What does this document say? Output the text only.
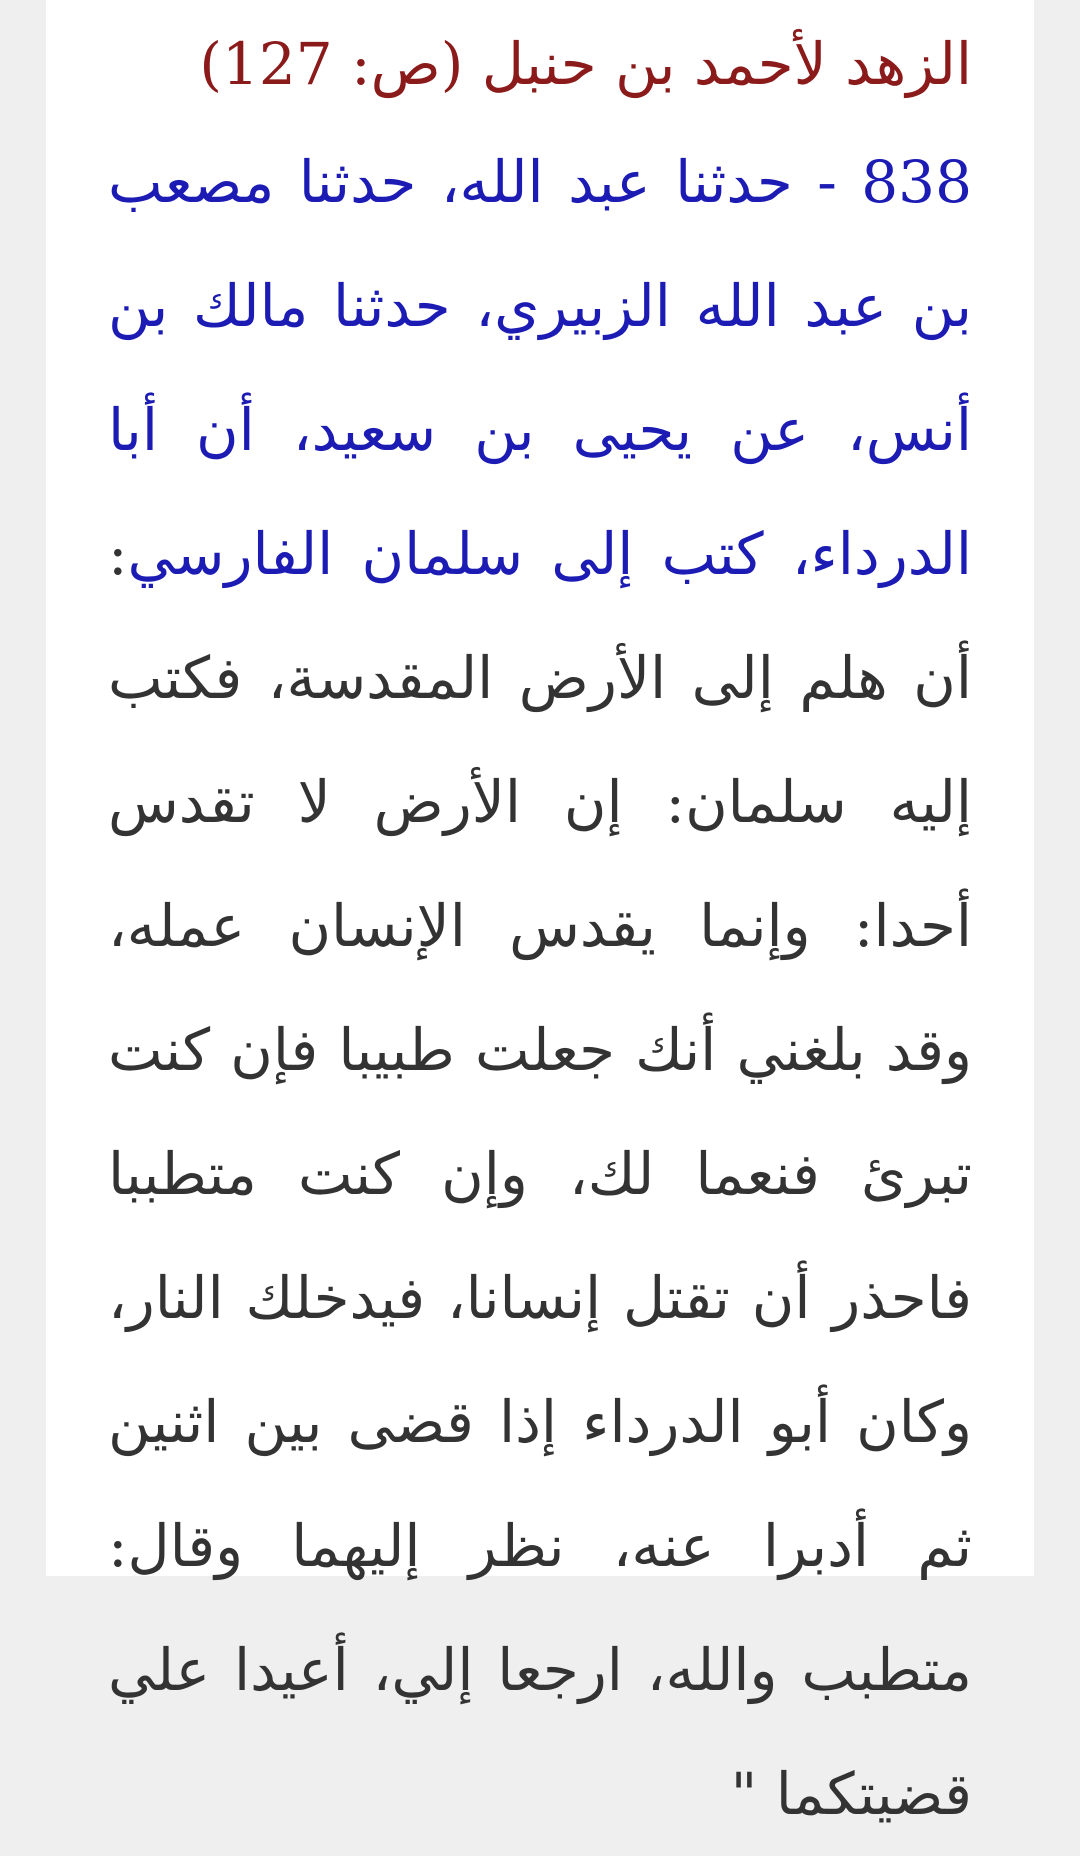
الزهد لأحمد بن حنبل (ص: 127)
838 - حدثنا عبد الله، حدثنا مصعب بن عبد الله الزبيري، حدثنا مالك بن أنس، عن يحيى بن سعيد، أن أبا الدرداء، كتب إلى سلمان الفارسي: أن هلم إلى الأرض المقدسة، فكتب إليه سلمان: إن الأرض لا تقدس أحدا: وإنما يقدس الإنسان عمله، وقد بلغني أنك جعلت طبيبا فإن كنت تبرئ فنعما لك، وإن كنت متطببا فاحذر أن تقتل إنسانا، فيدخلك النار، وكان أبو الدرداء إذا قضى بين اثنين ثم أدبرا عنه، نظر إليهما وقال: متطبب والله، ارجعا إلي، أعيدا علي قضيتكما "
